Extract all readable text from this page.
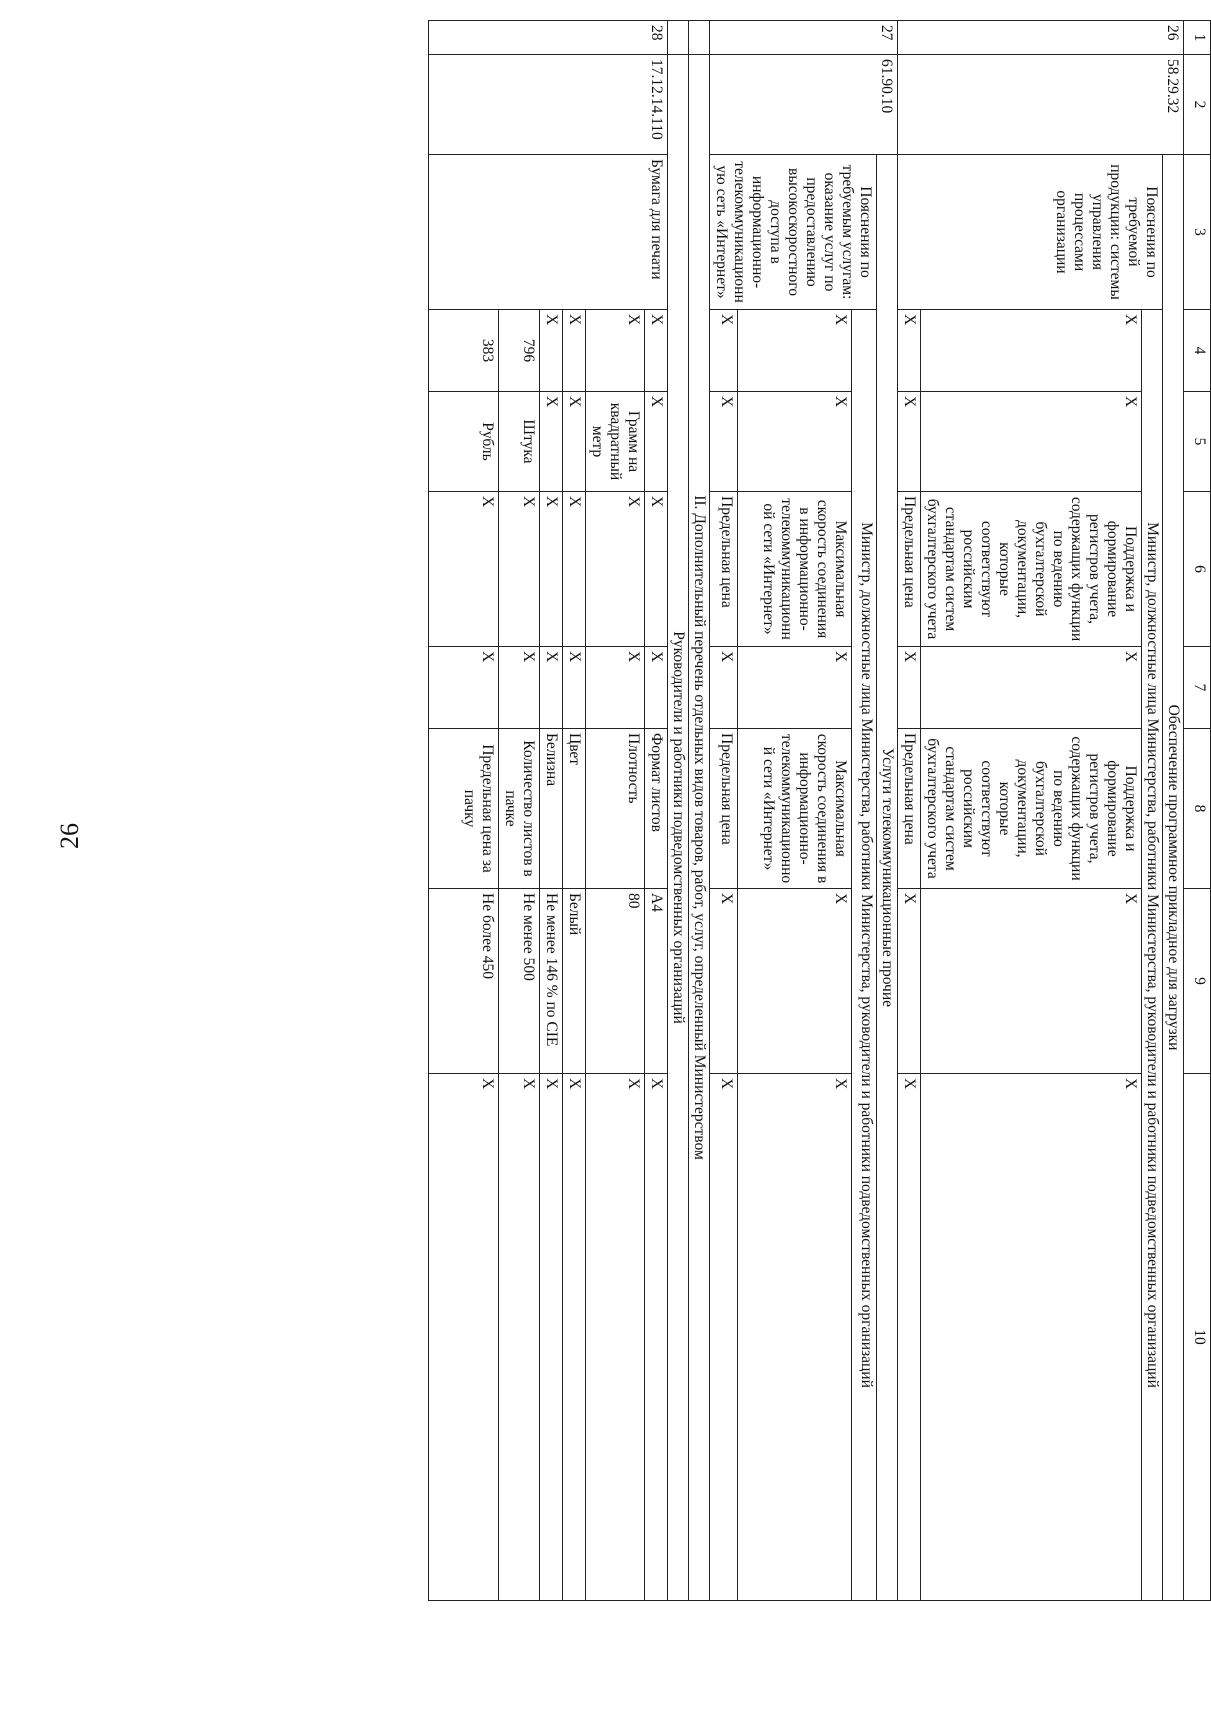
26
1	2	3	4	5	6	7	8	9	10
26	58.29.32	Обеспечение программное прикладное для загрузки							
		Пояснения по требуемой продукции: системы управления процессами организации	Министр, должностные лица Министерства, работники Министерства, руководители и работники подведомственных организаций						
			X	X	Поддержка и формирование регистров учета, содержащих функции по ведению бухгалтерской документации, которые соответствуют российским стандартам систем бухгалтерского учета	X	Поддержка и формирование регистров учета, содержащих функции по ведению бухгалтерской документации, которые соответствуют российским стандартам систем бухгалтерского учета	X	X
			X	X	Предельная цена	X	Предельная цена	X	X
27	61.90.10	Услуги телекоммуникационные прочие							
		Пояснения по требуемым услугам: оказание услуг по предоставлению высокоскоростного доступа в информационно-телекоммуникационную сеть «Интернет»	Министр, должностные лица Министерства, работники Министерства, руководители и работники подведомственных организаций						
			X	X	Максимальная скорость соединения в информационно-телекоммуникационной сети «Интернет»	X	Максимальная скорость соединения в информационно-телекоммуникационной сети «Интернет»	X	X
			X	X	Предельная цена	X	Предельная цена	X	X
	II. Дополнительный перечень отдельных видов товаров, работ, услуг, определенный Министерством								
	Руководители и работники подведомственных организаций								
28	17.12.14.110	Бумага для печати	X	X	X	X	Формат листов	А4	X
			X	Грамм на квадратный метр	X	X	Плотность	80	X
			X	X	X	X	Цвет	Белый	X
			X	X	X	X	Белизна	Не менее 146 % по CIE	X
			796	Штука	X	X	Количество листов в пачке	Не менее 500	X
			383	Рубль	X	X	Предельная цена за пачку	Не более 450	X
